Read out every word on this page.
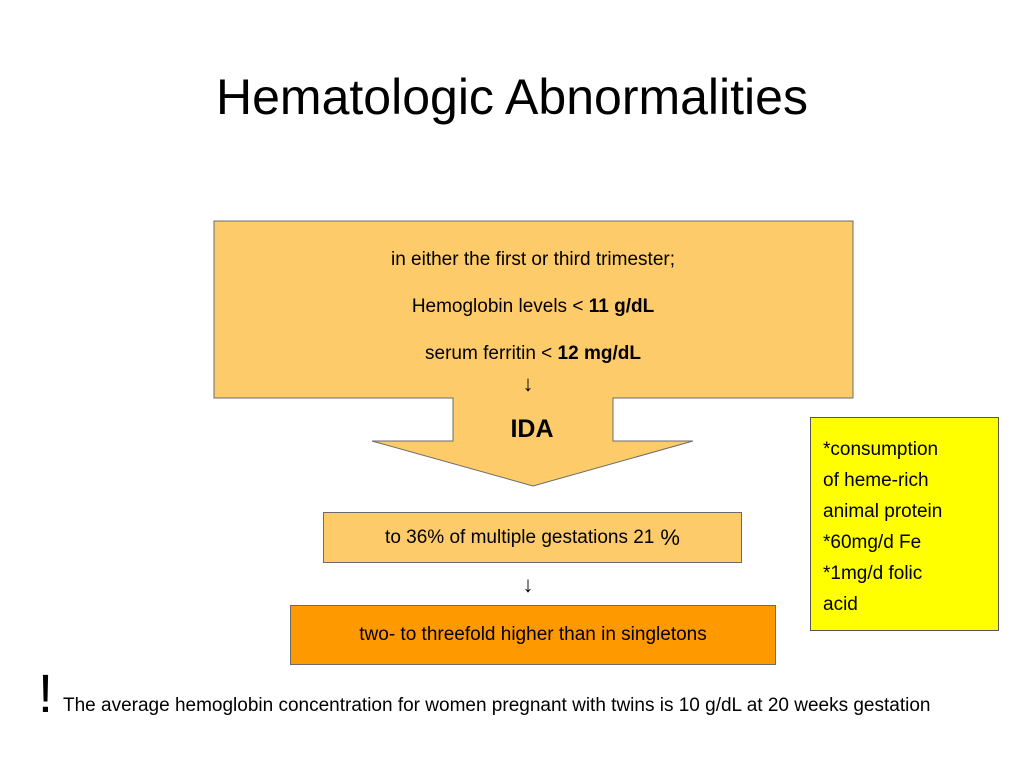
Hematologic Abnormalities
in either the first or third trimester;
Hemoglobin levels < 11 g/dL
serum ferritin < 12 mg/dL
↓
IDA
to 36% of multiple gestations 21 %
↓
two- to threefold higher than in singletons
*consumption
of heme-rich
animal protein
*60mg/d Fe
*1mg/d folic
acid
! The average hemoglobin concentration for women pregnant with twins is 10 g/dL at 20 weeks gestation
